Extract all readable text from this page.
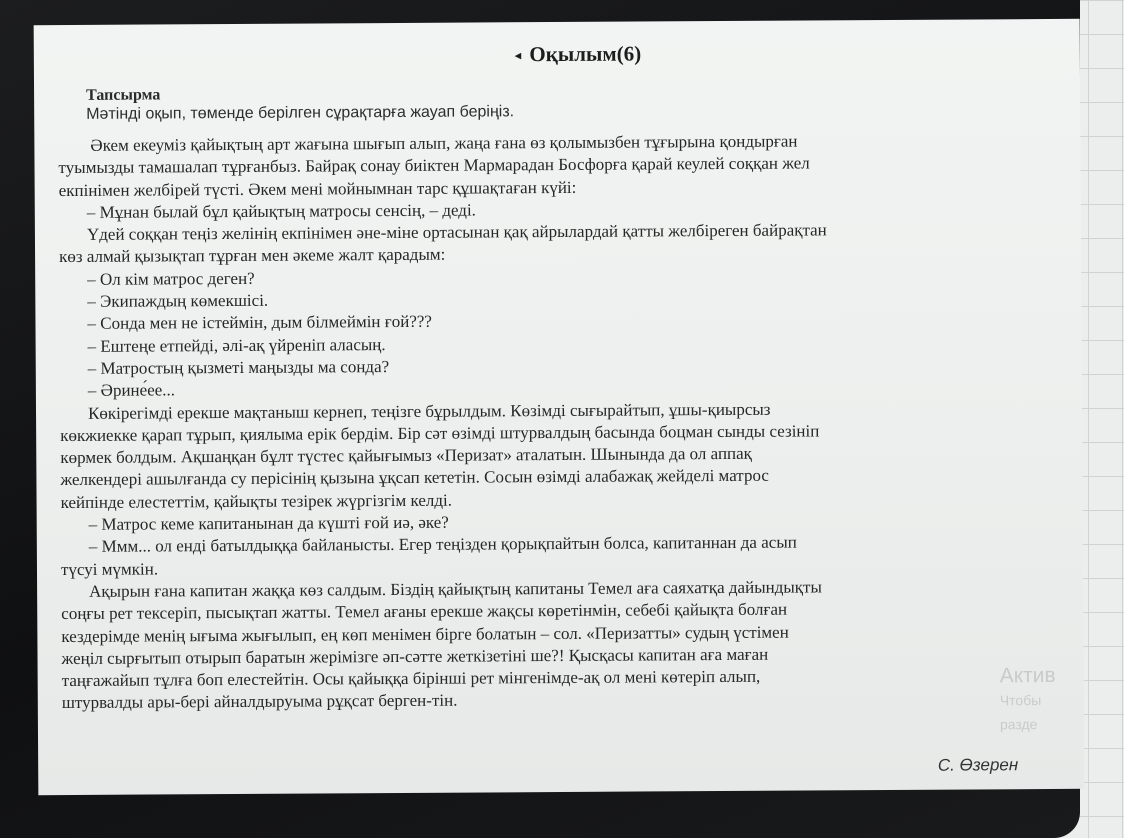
◄ Оқылым(6)
Тапсырма
Мәтінді оқып, төменде берілген сұрақтарға жауап беріңіз.
Әкем екеуміз қайықтың арт жағына шығып алып, жаңа ғана өз қолымызбен тұғырына қондырған
туымызды тамашалап тұрғанбыз. Байрақ сонау биіктен Мармарадан Босфорға қарай кеулей соққан жел
екпінімен желбірей түсті. Әкем мені мойнымнан тарс құшақтаған күйі:
– Мұнан былай бұл қайықтың матросы сенсің, – деді.
Үдей соққан теңіз желінің екпінімен әне-міне ортасынан қақ айрылардай қатты желбіреген байрақтан
көз алмай қызықтап тұрған мен әкеме жалт қарадым:
– Ол кім матрос деген?
– Экипаждың көмекшісі.
– Сонда мен не істеймін, дым білмеймін ғой???
– Ештеңе етпейді, әлі-ақ үйреніп аласың.
– Матростың қызметі маңызды ма сонда?
– Әрине́ее...
Көкірегімді ерекше мақтаныш кернеп, теңізге бұрылдым. Көзімді сығырайтып, ұшы-қиырсыз
көкжиекке қарап тұрып, қиялыма ерік бердім. Бір сәт өзімді штурвалдың басында боцман сынды сезініп
көрмек болдым. Ақшаңқан бұлт түстес қайығымыз «Перизат» аталатын. Шынында да ол аппақ
желкендері ашылғанда су перісінің қызына ұқсап кететін. Сосын өзімді алабажақ жейделі матрос
кейпінде елестеттім, қайықты тезірек жүргізгім келді.
– Матрос кеме капитанынан да күшті ғой иә, әке?
– Ммм... ол енді батылдыққа байланысты. Егер теңізден қорықпайтын болса, капитаннан да асып
түсуі мүмкін.
Ақырын ғана капитан жаққа көз салдым. Біздің қайықтың капитаны Темел аға саяхатқа дайындықты
соңғы рет тексеріп, пысықтап жатты. Темел ағаны ерекше жақсы көретінмін, себебі қайықта болған
кездерімде менің ығыма жығылып, ең көп менімен бірге болатын – сол. «Перизатты» судың үстімен
жеңіл сырғытып отырып баратын жерімізге әп-сәтте жеткізетіні ше?! Қысқасы капитан аға маған
таңғажайып тұлға боп елестейтін. Осы қайыққа бірінші рет мінгенімде-ақ ол мені көтеріп алып,
штурвалды ары-бері айналдыруыма рұқсат берген-тін.
С. Өзерен
Актив
Чтобы
разде
